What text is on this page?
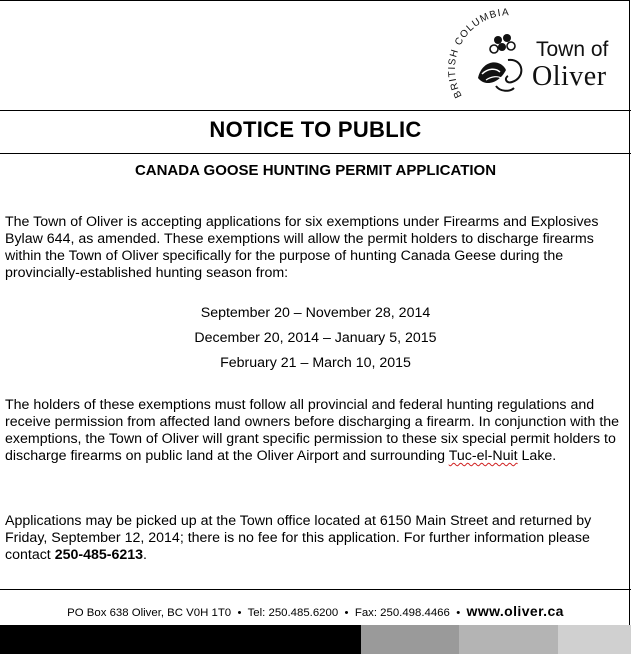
BRITISH COLUMBIA
Town of
Oliver
NOTICE TO PUBLIC
CANADA GOOSE HUNTING PERMIT APPLICATION
The Town of Oliver is accepting applications for six exemptions under Firearms and Explosives Bylaw 644, as amended. These exemptions will allow the permit holders to discharge firearms within the Town of Oliver specifically for the purpose of hunting Canada Geese during the provincially-established hunting season from:
September 20 – November 28, 2014
December 20, 2014 – January 5, 2015
February 21 – March 10, 2015
The holders of these exemptions must follow all provincial and federal hunting regulations and receive permission from affected land owners before discharging a firearm. In conjunction with the exemptions, the Town of Oliver will grant specific permission to these six special permit holders to discharge firearms on public land at the Oliver Airport and surrounding Tuc-el-Nuit Lake.
Applications may be picked up at the Town office located at 6150 Main Street and returned by Friday, September 12, 2014; there is no fee for this application. For further information please contact 250-485-6213.
PO Box 638 Oliver, BC V0H 1T0 • Tel: 250.485.6200 • Fax: 250.498.4466 • www.oliver.ca
